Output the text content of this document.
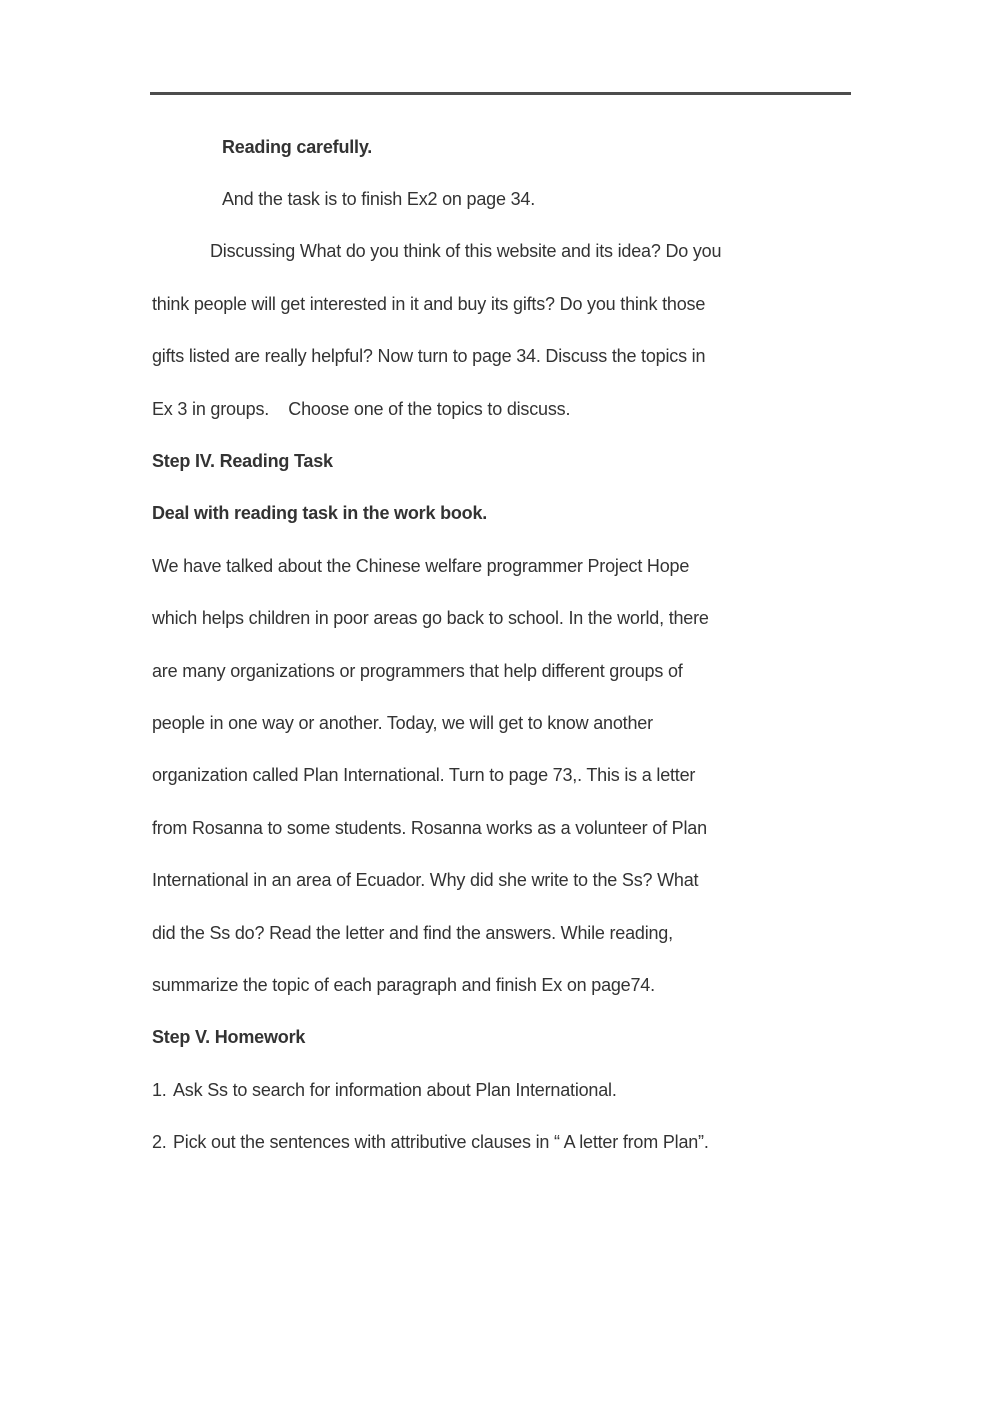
Reading carefully.
And the task is to finish Ex2 on page 34.
Discussing What do you think of this website and its idea? Do you
think people will get interested in it and buy its gifts? Do you think those
gifts listed are really helpful? Now turn to page 34. Discuss the topics in
Ex 3 in groups.    Choose one of the topics to discuss.
Step IV. Reading Task
Deal with reading task in the work book.
We have talked about the Chinese welfare programmer Project Hope
which helps children in poor areas go back to school. In the world, there
are many organizations or programmers that help different groups of
people in one way or another. Today, we will get to know another
organization called Plan International. Turn to page 73,. This is a letter
from Rosanna to some students. Rosanna works as a volunteer of Plan
International in an area of Ecuador. Why did she write to the Ss? What
did the Ss do? Read the letter and find the answers. While reading,
summarize the topic of each paragraph and finish Ex on page74.
Step V. Homework
1. Ask Ss to search for information about Plan International.
2. Pick out the sentences with attributive clauses in “ A letter from Plan”.
